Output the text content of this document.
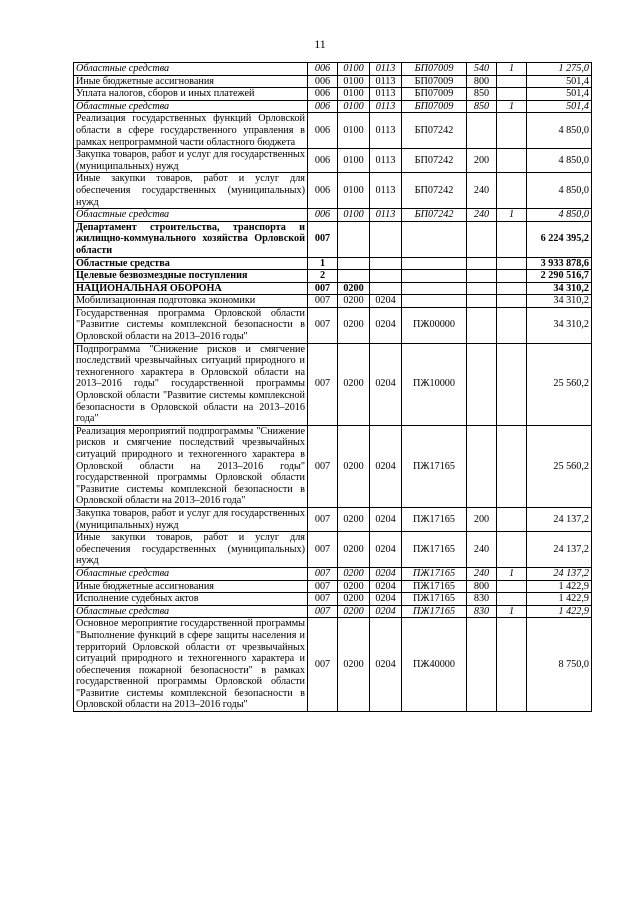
11
Областные средства	006	0100	0113	БП07009	540	1	1 275,0
Иные бюджетные ассигнования	006	0100	0113	БП07009	800		501,4
Уплата налогов, сборов и иных платежей	006	0100	0113	БП07009	850		501,4
Областные средства	006	0100	0113	БП07009	850	1	501,4
Реализация государственных функций Орловской области в сфере государственного управления в рамках непрограммной части областного бюджета	006	0100	0113	БП07242			4 850,0
Закупка товаров, работ и услуг для государственных (муниципальных) нужд	006	0100	0113	БП07242	200		4 850,0
Иные закупки товаров, работ и услуг для обеспечения государственных (муниципальных) нужд	006	0100	0113	БП07242	240		4 850,0
Областные средства	006	0100	0113	БП07242	240	1	4 850,0
Департамент строительства, транспорта и жилищно-коммунального хозяйства Орловской области	007						6 224 395,2
Областные средства	1						3 933 878,6
Целевые безвозмездные поступления	2						2 290 516,7
НАЦИОНАЛЬНАЯ ОБОРОНА	007	0200					34 310,2
Мобилизационная подготовка экономики	007	0200	0204				34 310,2
Государственная программа Орловской области "Развитие системы комплексной безопасности в Орловской области на 2013–2016 годы"	007	0200	0204	ПЖ00000			34 310,2
Подпрограмма "Снижение рисков и смягчение последствий чрезвычайных ситуаций природного и техногенного характера в Орловской области на 2013–2016 годы" государственной программы Орловской области "Развитие системы комплексной безопасности в Орловской области на 2013–2016 года"	007	0200	0204	ПЖ10000			25 560,2
Реализация мероприятий подпрограммы "Снижение рисков и смягчение последствий чрезвычайных ситуаций природного и техногенного характера в Орловской области на 2013–2016 годы" государственной программы Орловской области "Развитие системы комплексной безопасности в Орловской области на 2013–2016 года"	007	0200	0204	ПЖ17165			25 560,2
Закупка товаров, работ и услуг для государственных (муниципальных) нужд	007	0200	0204	ПЖ17165	200		24 137,2
Иные закупки товаров, работ и услуг для обеспечения государственных (муниципальных) нужд	007	0200	0204	ПЖ17165	240		24 137,2
Областные средства	007	0200	0204	ПЖ17165	240	1	24 137,2
Иные бюджетные ассигнования	007	0200	0204	ПЖ17165	800		1 422,9
Исполнение судебных актов	007	0200	0204	ПЖ17165	830		1 422,9
Областные средства	007	0200	0204	ПЖ17165	830	1	1 422,9
Основное мероприятие государственной программы "Выполнение функций в сфере защиты населения и территорий Орловской области от чрезвычайных ситуаций природного и техногенного характера и обеспечения пожарной безопасности" в рамках государственной программы Орловской области "Развитие системы комплексной безопасности в Орловской области на 2013–2016 годы"	007	0200	0204	ПЖ40000			8 750,0
